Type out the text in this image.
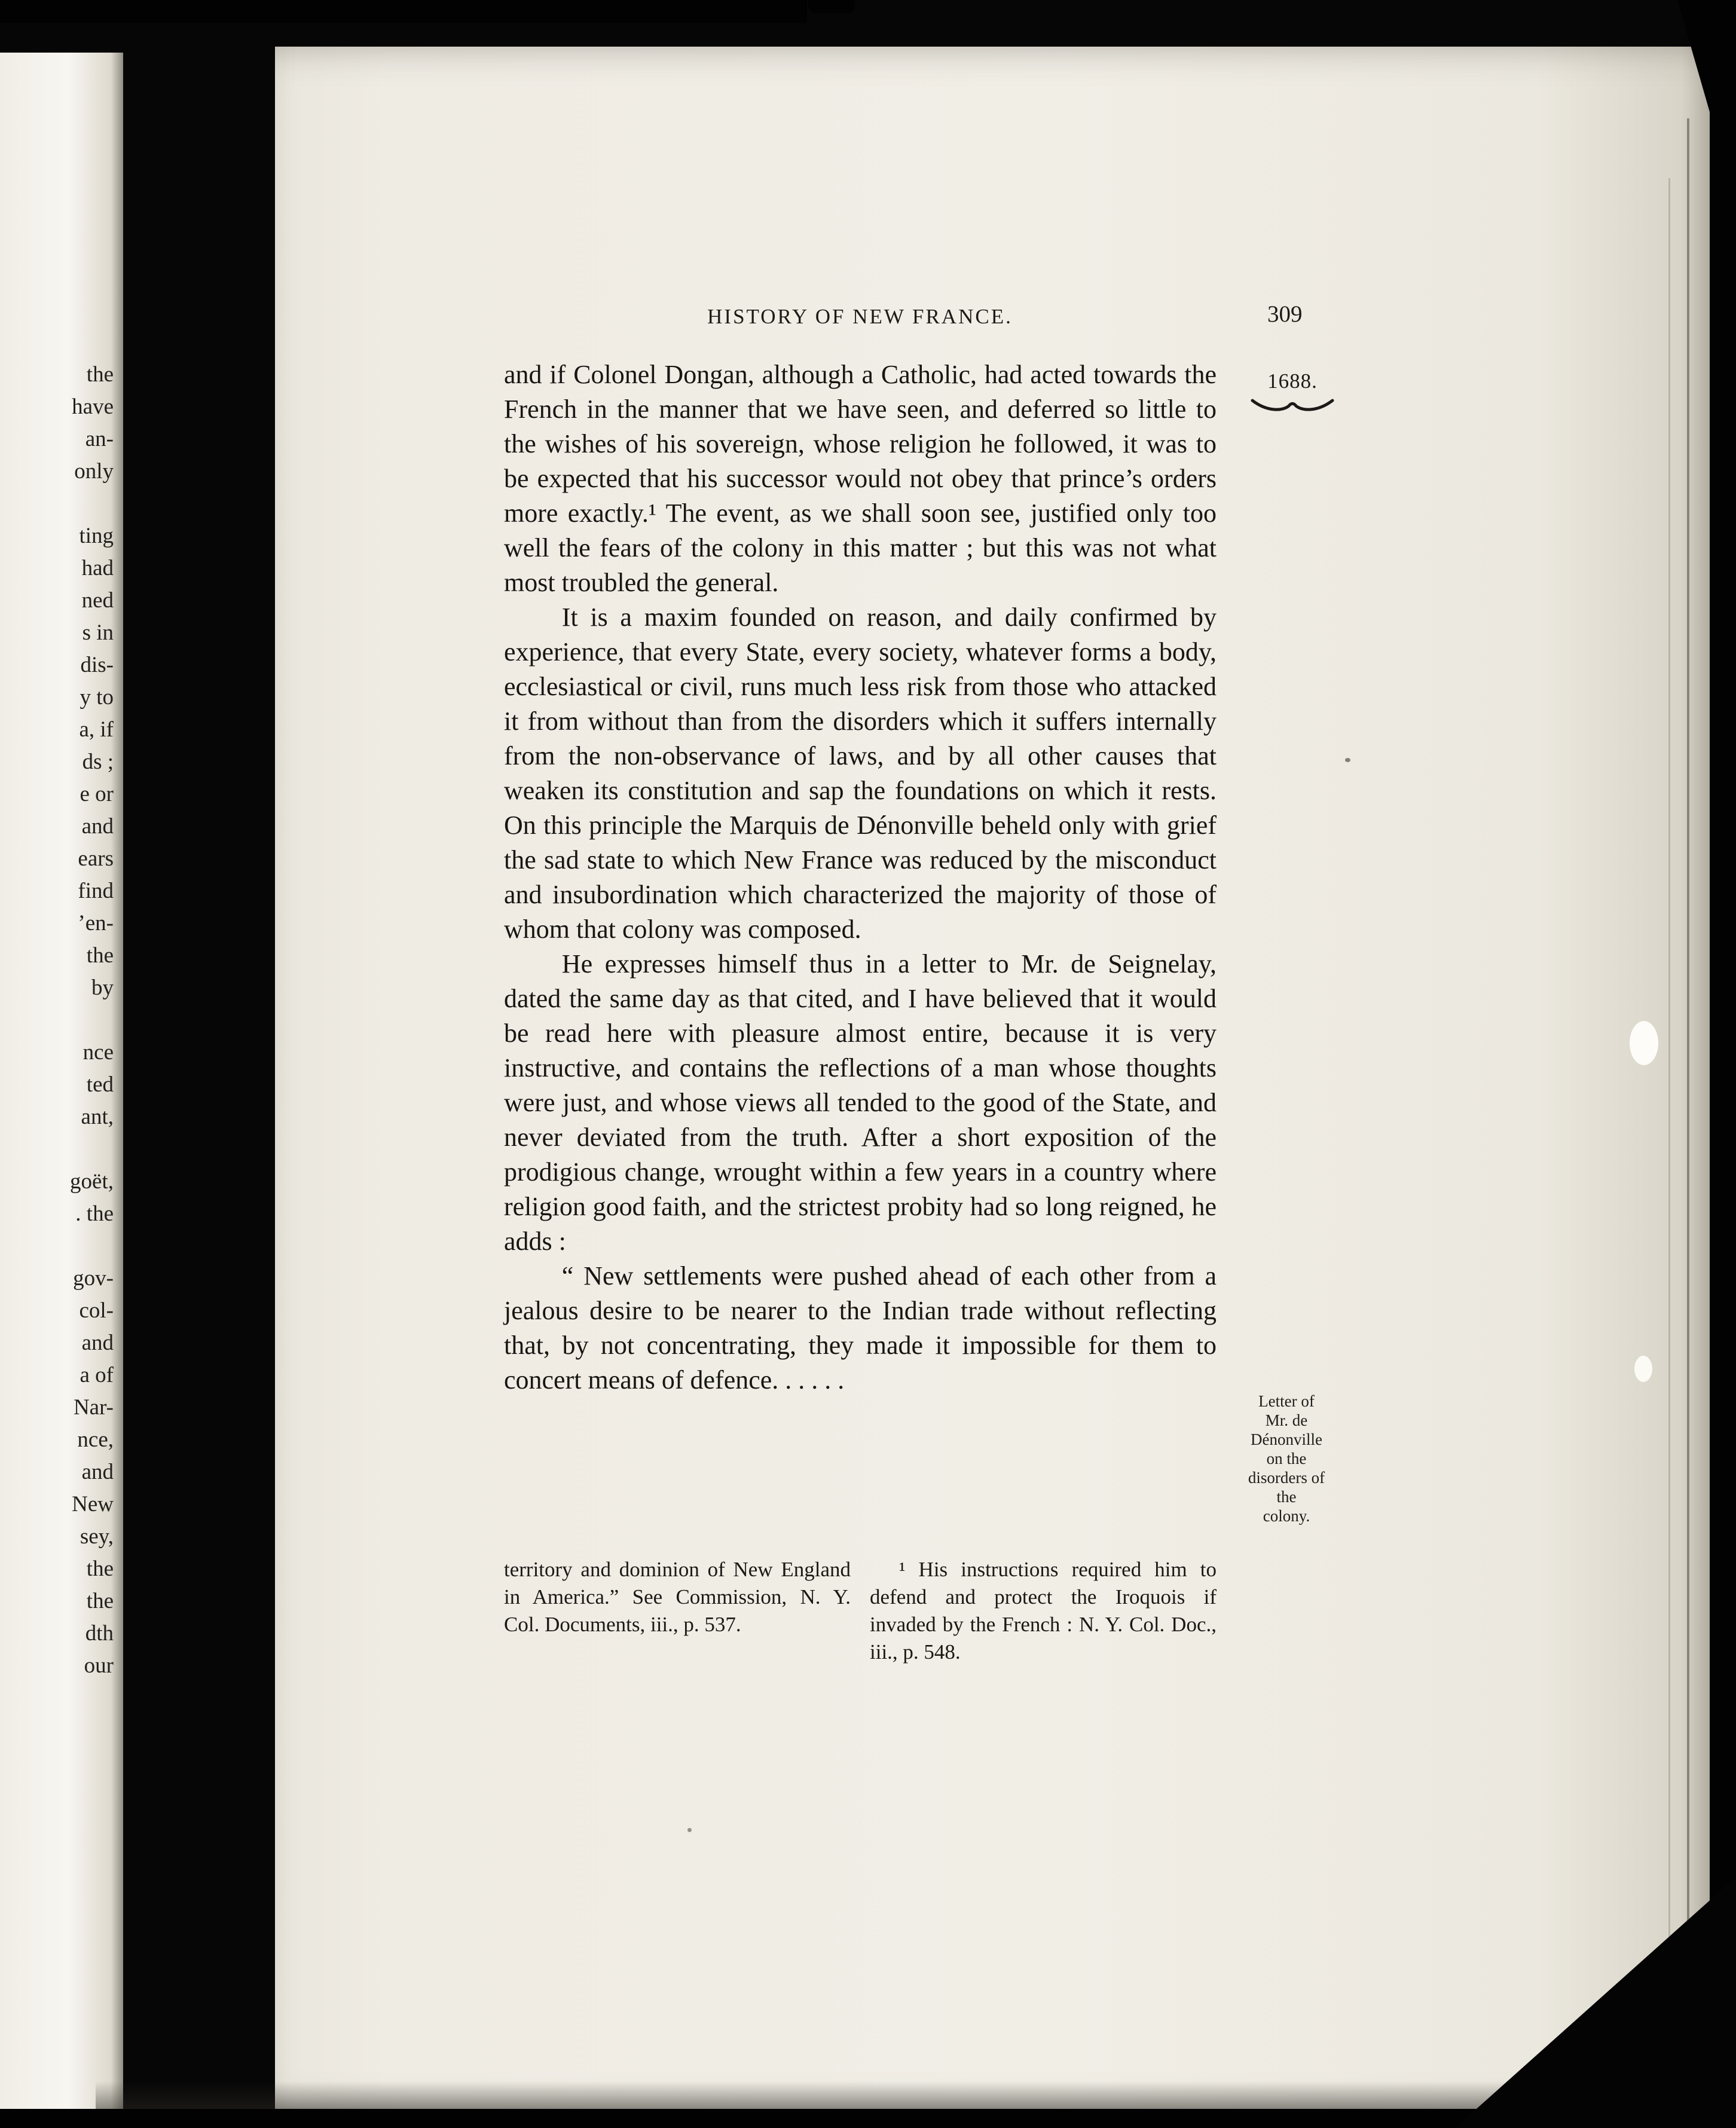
the
have
an-
only
ting
had
ned
s in
dis-
y to
a, if
ds ;
e or
and
ears
find
’en-
the
by
nce
ted
ant,
goët,
. the
gov-
col-
and
a of
Nar-
nce,
and
New
sey,
the
the
dth
our
HISTORY OF NEW FRANCE.	309
1688.

and if Colonel Dongan, although a Catholic, had acted towards the French in the manner that we have seen, and deferred so little to the wishes of his sovereign, whose religion he followed, it was to be expected that his successor would not obey that prince’s orders more exactly.¹ The event, as we shall soon see, justified only too well the fears of the colony in this matter ; but this was not what most troubled the general.

It is a maxim founded on reason, and daily confirmed by experience, that every State, every society, whatever forms a body, ecclesiastical or civil, runs much less risk from those who attacked it from without than from the disorders which it suffers internally from the non-observance of laws, and by all other causes that weaken its constitution and sap the foundations on which it rests. On this principle the Marquis de Dénonville beheld only with grief the sad state to which New France was reduced by the misconduct and insubordination which characterized the majority of those of whom that colony was composed.

He expresses himself thus in a letter to Mr. de Seignelay, dated the same day as that cited, and I have believed that it would be read here with pleasure almost entire, because it is very instructive, and contains the reflections of a man whose thoughts were just, and whose views all tended to the good of the State, and never deviated from the truth. After a short exposition of the prodigious change, wrought within a few years in a country where religion good faith, and the strictest probity had so long reigned, he adds :

“ New settlements were pushed ahead of each other from a jealous desire to be nearer to the Indian trade without reflecting that, by not concentrating, they made it impossible for them to concert means of defence. . . . . .

Letter of
Mr. de
Dénonville
on the
disorders of
the
colony.
territory and dominion of New England in America.” See Commission, N. Y. Col. Documents, iii., p. 537.
¹ His instructions required him to defend and protect the Iroquois if invaded by the French : N. Y. Col. Doc., iii., p. 548.
